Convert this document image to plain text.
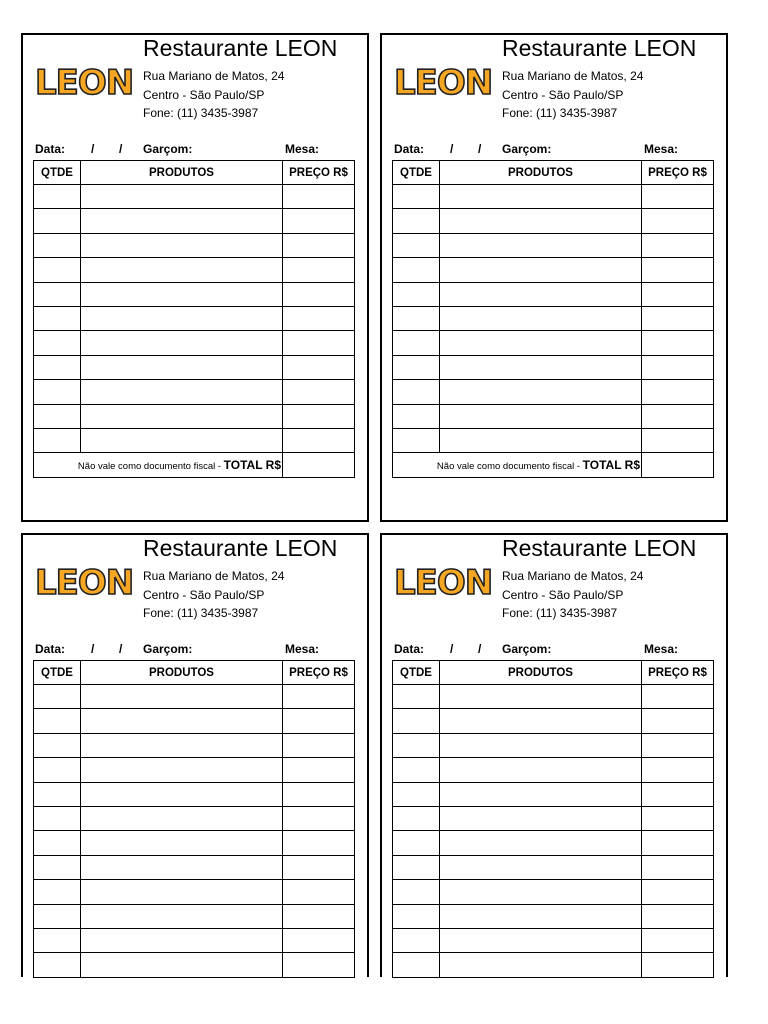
Restaurante LEON
LEON Rua Mariano de Matos, 24
Centro - São Paulo/SP
Fone: (11) 3435-3987
Data: / / Garçom:	Mesa:
QTDE	PRODUTOS	PREÇO R$

Não vale como documento fiscal - TOTAL R$		
Restaurante LEON
LEON Rua Mariano de Matos, 24
Centro - São Paulo/SP
Fone: (11) 3435-3987
Data: / / Garçom:	Mesa:
QTDE	PRODUTOS	PREÇO R$

Não vale como documento fiscal - TOTAL R$		
Restaurante LEON
LEON Rua Mariano de Matos, 24
Centro - São Paulo/SP
Fone: (11) 3435-3987
Data: / / Garçom:	Mesa:
QTDE	PRODUTOS	PREÇO R$

Restaurante LEON
LEON Rua Mariano de Matos, 24
Centro - São Paulo/SP
Fone: (11) 3435-3987
Data: / / Garçom:	Mesa:
QTDE	PRODUTOS	PREÇO R$
